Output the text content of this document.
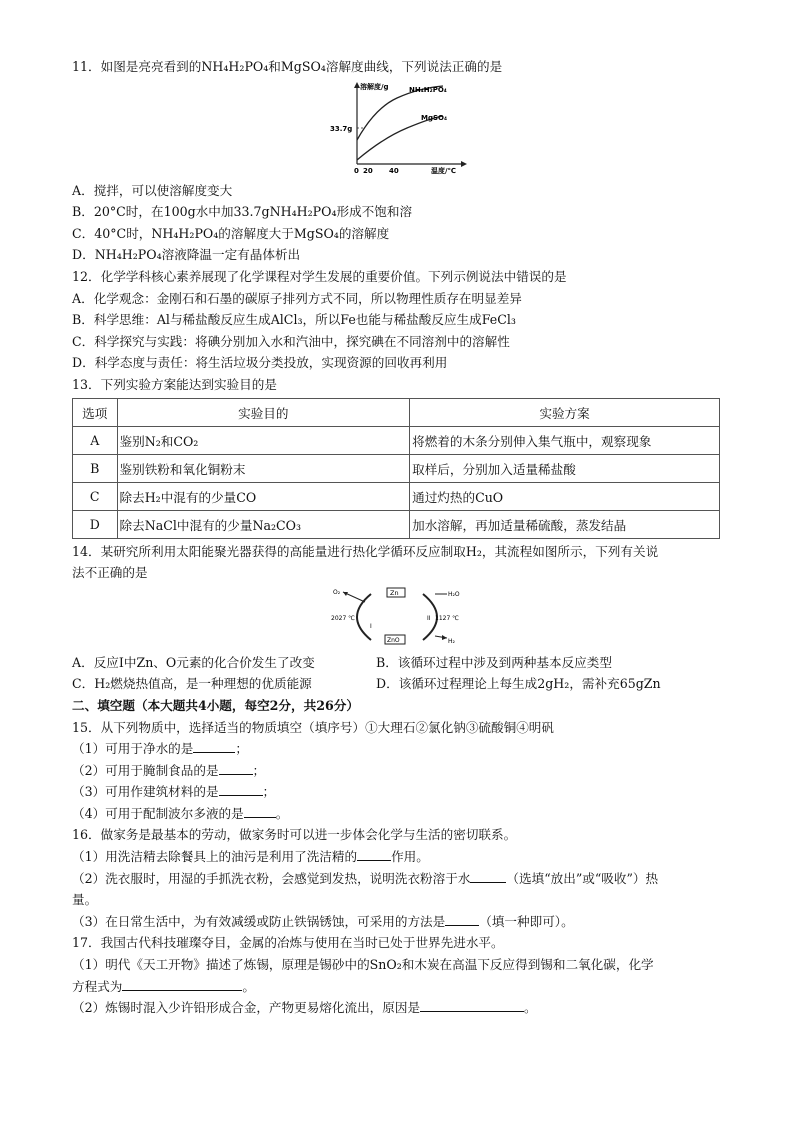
11．如图是亮亮看到的NH₄H₂PO₄和MgSO₄溶解度曲线，下列说法正确的是
溶解度/g	NH₄H₂PO₄
MgSO₄
33.7g
0 20 40	温度/℃
A．搅拌，可以使溶解度变大
B．20°C时，在100g水中加33.7gNH₄H₂PO₄形成不饱和溶
C．40°C时，NH₄H₂PO₄的溶解度大于MgSO₄的溶解度
D．NH₄H₂PO₄溶液降温一定有晶体析出
12．化学学科核心素养展现了化学课程对学生发展的重要价值。下列示例说法中错误的是
A．化学观念：金刚石和石墨的碳原子排列方式不同，所以物理性质存在明显差异
B．科学思维：Al与稀盐酸反应生成AlCl₃，所以Fe也能与稀盐酸反应生成FeCl₃
C．科学探究与实践：将碘分别加入水和汽油中，探究碘在不同溶剂中的溶解性
D．科学态度与责任：将生活垃圾分类投放，实现资源的回收再利用
13．下列实验方案能达到实验目的是
选项	实验目的	实验方案
A	鉴别N₂和CO₂	将燃着的木条分别伸入集气瓶中，观察现象
B	鉴别铁粉和氧化铜粉末	取样后，分别加入适量稀盐酸
C	除去H₂中混有的少量CO	通过灼热的CuO
D	除去NaCl中混有的少量Na₂CO₃	加水溶解，再加适量稀硫酸，蒸发结晶
14．某研究所利用太阳能聚光器获得的高能量进行热化学循环反应制取H₂，其流程如图所示，下列有关说
法不正确的是
Zn
ZnO
O₂	H₂O
H₂
2027 ℃	1127 ℃
I
II
A．反应Ⅰ中Zn、O元素的化合价发生了改变	B．该循环过程中涉及到两种基本反应类型
C．H₂燃烧热值高，是一种理想的优质能源	D．该循环过程理论上每生成2gH₂，需补充65gZn
二、填空题（本大题共4小题，每空2分，共26分）
15．从下列物质中，选择适当的物质填空（填序号）①大理石②氯化钠③硫酸铜④明矾
（1）可用于净水的是	；
（2）可用于腌制食品的是	；
（3）可用作建筑材料的是	；
（4）可用于配制波尔多液的是	。
16．做家务是最基本的劳动，做家务时可以进一步体会化学与生活的密切联系。
（1）用洗洁精去除餐具上的油污是利用了洗洁精的	作用。
（2）洗衣服时，用湿的手抓洗衣粉，会感觉到发热，说明洗衣粉溶于水	（选填“放出”或“吸收”）热
量。
（3）在日常生活中，为有效减缓或防止铁锅锈蚀，可采用的方法是	（填一种即可）。
17．我国古代科技璀璨夺目，金属的冶炼与使用在当时已处于世界先进水平。
（1）明代《天工开物》描述了炼锡，原理是锡砂中的SnO₂和木炭在高温下反应得到锡和二氧化碳，化学
方程式为	。
（2）炼锡时混入少许铅形成合金，产物更易熔化流出，原因是	。
